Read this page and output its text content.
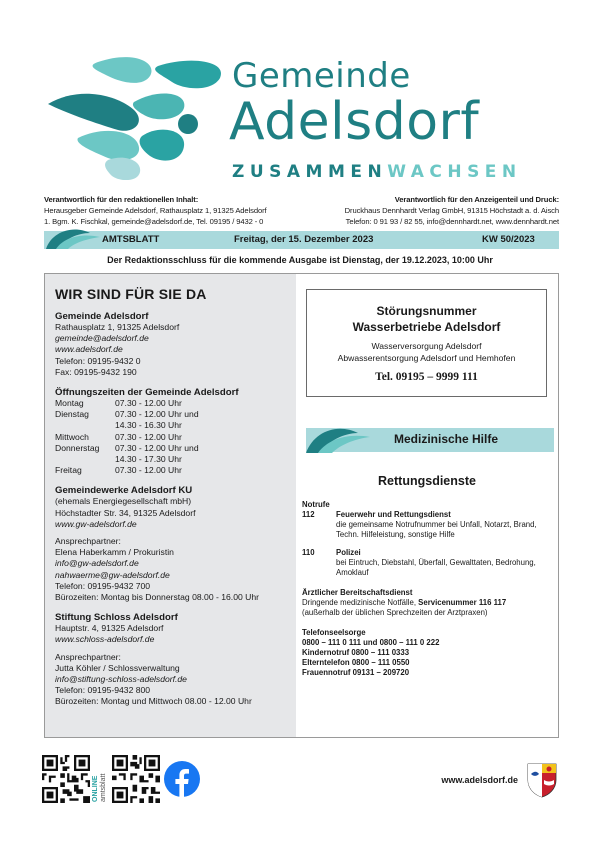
Gemeinde
Adelsdorf
ZUSAMMENWACHSEN
Verantwortlich für den redaktionellen Inhalt:
Herausgeber Gemeinde Adelsdorf, Rathausplatz 1, 91325 Adelsdorf
1. Bgm. K. Fischkal, gemeinde@adelsdorf.de, Tel. 09195 / 9432 - 0
Verantwortlich für den Anzeigenteil und Druck:
Druckhaus Dennhardt Verlag GmbH, 91315 Höchstadt a. d. Aisch
Telefon: 0 91 93 / 82 55, info@dennhardt.net, www.dennhardt.net
AMTSBLATT	Freitag, der 15. Dezember 2023	KW 50/2023
Der Redaktionsschluss für die kommende Ausgabe ist Dienstag, der 19.12.2023, 10:00 Uhr
WIR SIND FÜR SIE DA
Gemeinde Adelsdorf
Rathausplatz 1, 91325 Adelsdorf
gemeinde@adelsdorf.de
www.adelsdorf.de
Telefon: 09195-9432 0
Fax: 09195-9432 190
Öffnungszeiten der Gemeinde Adelsdorf
Montag	07.30 - 12.00 Uhr
Dienstag	07.30 - 12.00 Uhr und
14.30 - 16.30 Uhr
Mittwoch	07.30 - 12.00 Uhr
Donnerstag	07.30 - 12.00 Uhr und
14.30 - 17.30 Uhr
Freitag	07.30 - 12.00 Uhr
Gemeindewerke Adelsdorf KU
(ehemals Energiegesellschaft mbH)
Höchstadter Str. 34, 91325 Adelsdorf
www.gw-adelsdorf.de
Ansprechpartner:
Elena Haberkamm / Prokuristin
info@gw-adelsdorf.de
nahwaerme@gw-adelsdorf.de
Telefon: 09195-9432 700
Bürozeiten: Montag bis Donnerstag 08.00 - 16.00 Uhr
Stiftung Schloss Adelsdorf
Hauptstr. 4, 91325 Adelsdorf
www.schloss-adelsdorf.de
Ansprechpartner:
Jutta Köhler / Schlossverwaltung
info@stiftung-schloss-adelsdorf.de
Telefon: 09195-9432 800
Bürozeiten: Montag und Mittwoch 08.00 - 12.00 Uhr
Störungsnummer
Wasserbetriebe Adelsdorf
Wasserversorgung Adelsdorf
Abwasserentsorgung Adelsdorf und Hemhofen
Tel. 09195 – 9999 111
Medizinische Hilfe
Rettungsdienste
Notrufe
112	Feuerwehr und Rettungsdienst
die gemeinsame Notrufnummer bei Unfall, Notarzt, Brand,
Techn. Hilfeleistung, sonstige Hilfe
110	Polizei
bei Eintruch, Diebstahl, Überfall, Gewalttaten, Bedrohung,
Amoklauf
Ärztlicher Bereitschaftsdienst
Dringende medizinische Notfälle, Servicenummer 116 117
(außerhalb der üblichen Sprechzeiten der Arztpraxen)
Telefonseelsorge
0800 – 111 0 111 und 0800 – 111 0 222
Kindernotruf 0800 – 111 0333
Elterntelefon 0800 – 111 0550
Frauennotruf 09131 – 209720
ONLINE amtsblatt	www.adelsdorf.de
